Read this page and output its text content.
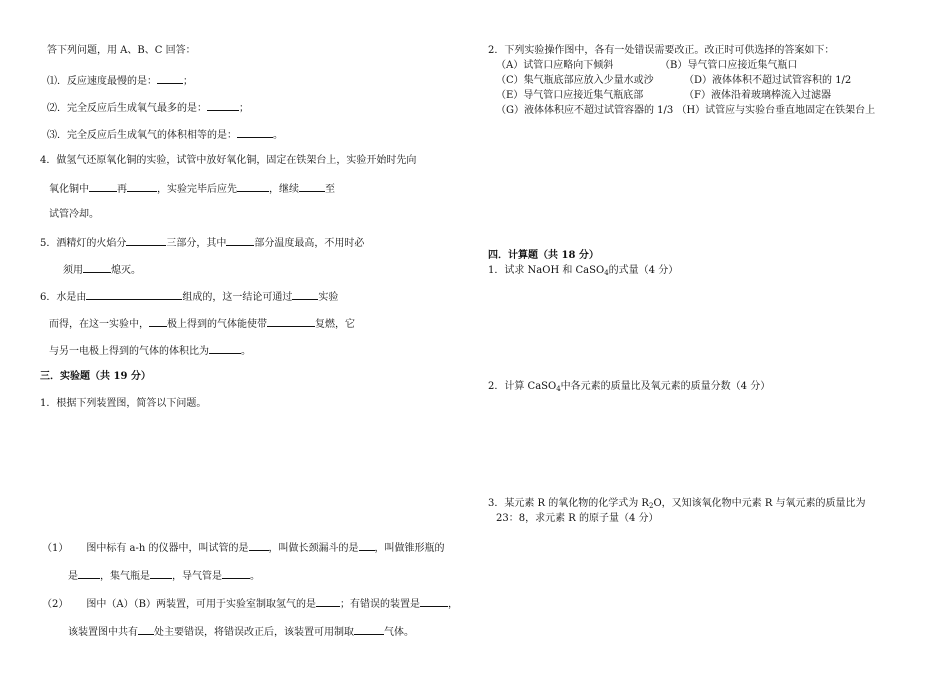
答下列问题，用 A、B、C 回答：
⑴．反应速度最慢的是：	；
⑵．完全反应后生成氧气最多的是：	；
⑶．完全反应后生成氧气的体积相等的是：	。
4．做氢气还原氧化铜的实验，试管中放好氧化铜，固定在铁架台上，实验开始时先向
氧化铜中	再	，实验完毕后应先	，继续	至
试管冷却。
5．酒精灯的火焰分	三部分，其中	部分温度最高，不用时必
须用	熄灭。
6．水是由	组成的，这一结论可通过	实验
而得，在这一实验中， 极上得到的气体能使带	复燃，它
与另一电极上得到的气体的体积比为	。
三．实验题（共 19 分）
1．根据下列装置图，简答以下问题。
（1） 图中标有 a-h 的仪器中，叫试管的是 ，叫做长颈漏斗的是 ，叫做锥形瓶的
是 ，集气瓶是 ，导气管是	。
（2） 图中（A）（B）两装置，可用于实验室制取氢气的是 ；有错误的装置是	，
该装置图中共有 处主要错误，将错误改正后，该装置可用制取	气体。
2．下列实验操作图中，各有一处错误需要改正。改正时可供选择的答案如下：
（A）试管口应略向下倾斜	（B）导气管口应接近集气瓶口
（C）集气瓶底部应放入少量水或沙	（D）液体体积不超过试管容积的 1/2
（E）导气管口应接近集气瓶底部	（F）液体沿着玻璃棒流入过滤器
（G）液体体积应不超过试管容器的 1/3 （H）试管应与实验台垂直地固定在铁架台上
四．计算题（共 18 分）
1．试求 NaOH 和 CaSO$_4$的式量（4 分）
2．计算 CaSO$_4$中各元素的质量比及氧元素的质量分数（4 分）
3．某元素 R 的氧化物的化学式为 $R_2O$，又知该氧化物中元素 R 与氧元素的质量比为
23：8，求元素 R 的原子量（4 分）
